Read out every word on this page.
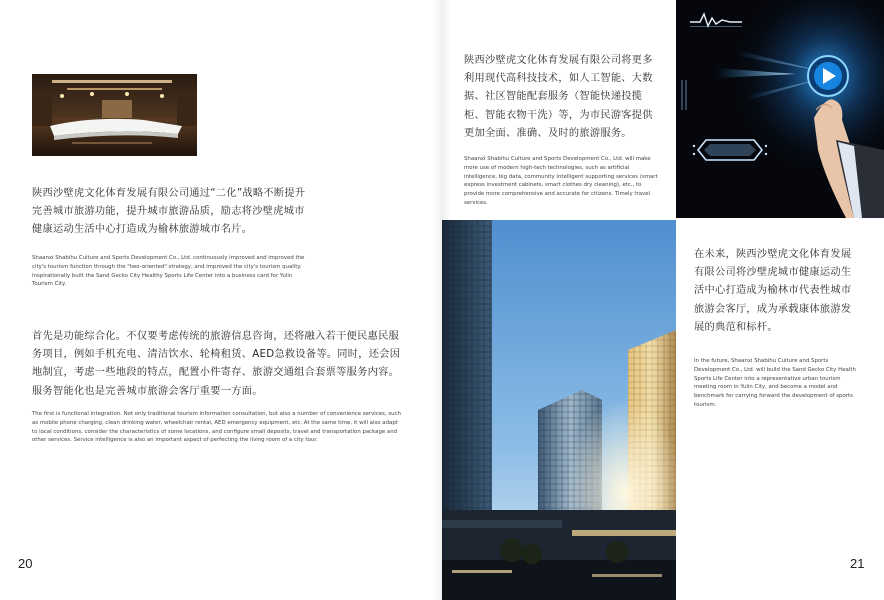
陕西沙壁虎文化体育发展有限公司通过“二化”战略不断提升完善城市旅游功能，提升城市旅游品质，励志将沙壁虎城市健康运动生活中心打造成为榆林旅游城市名片。
Shaanxi Shabihu Culture and Sports Development Co., Ltd. continuously improved and improved the city's tourism function through the "two-oriented" strategy, and improved the city's tourism quality. Inspirationally built the Sand Gecko City Healthy Sports Life Center into a business card for Yulin Tourism City.
首先是功能综合化。不仅要考虑传统的旅游信息咨询，还将融入若干便民惠民服务项目，例如手机充电、清洁饮水、轮椅租赁、AED急救设备等。同时，还会因地制宜，考虑一些地段的特点，配置小件寄存、旅游交通组合套票等服务内容。服务智能化也是完善城市旅游会客厅重要一方面。
The first is functional integration. Not only traditional tourism information consultation, but also a number of convenience services, such as mobile phone charging, clean drinking water, wheelchair rental, AED emergency equipment, etc. At the same time, it will also adapt to local conditions, consider the characteristics of some locations, and configure small deposits, travel and transportation package and other services. Service intelligence is also an important aspect of perfecting the living room of a city tour.
20
陕西沙壁虎文化体育发展有限公司将更多利用现代高科技技术，如人工智能、大数据、社区智能配套服务（智能快递投揽柜、智能衣物干洗）等，为市民游客提供更加全面、准确、及时的旅游服务。
Shaanxi Shabihu Culture and Sports Development Co., Ltd. will make more use of modern high-tech technologies, such as artificial intelligence, big data, community intelligent supporting services (smart express investment cabinets, smart clothes dry cleaning), etc., to provide more comprehensive and accurate for citizens. Timely travel services.
在未来，陕西沙壁虎文化体育发展有限公司将沙壁虎城市健康运动生活中心打造成为榆林市代表性城市旅游会客厅，成为承载康体旅游发展的典范和标杆。
In the future, Shaanxi Shabihu Culture and Sports Development Co., Ltd. will build the Sand Gecko City Health Sports Life Center into a representative urban tourism meeting room in Yulin City, and become a model and benchmark for carrying forward the development of sports tourism.
21
